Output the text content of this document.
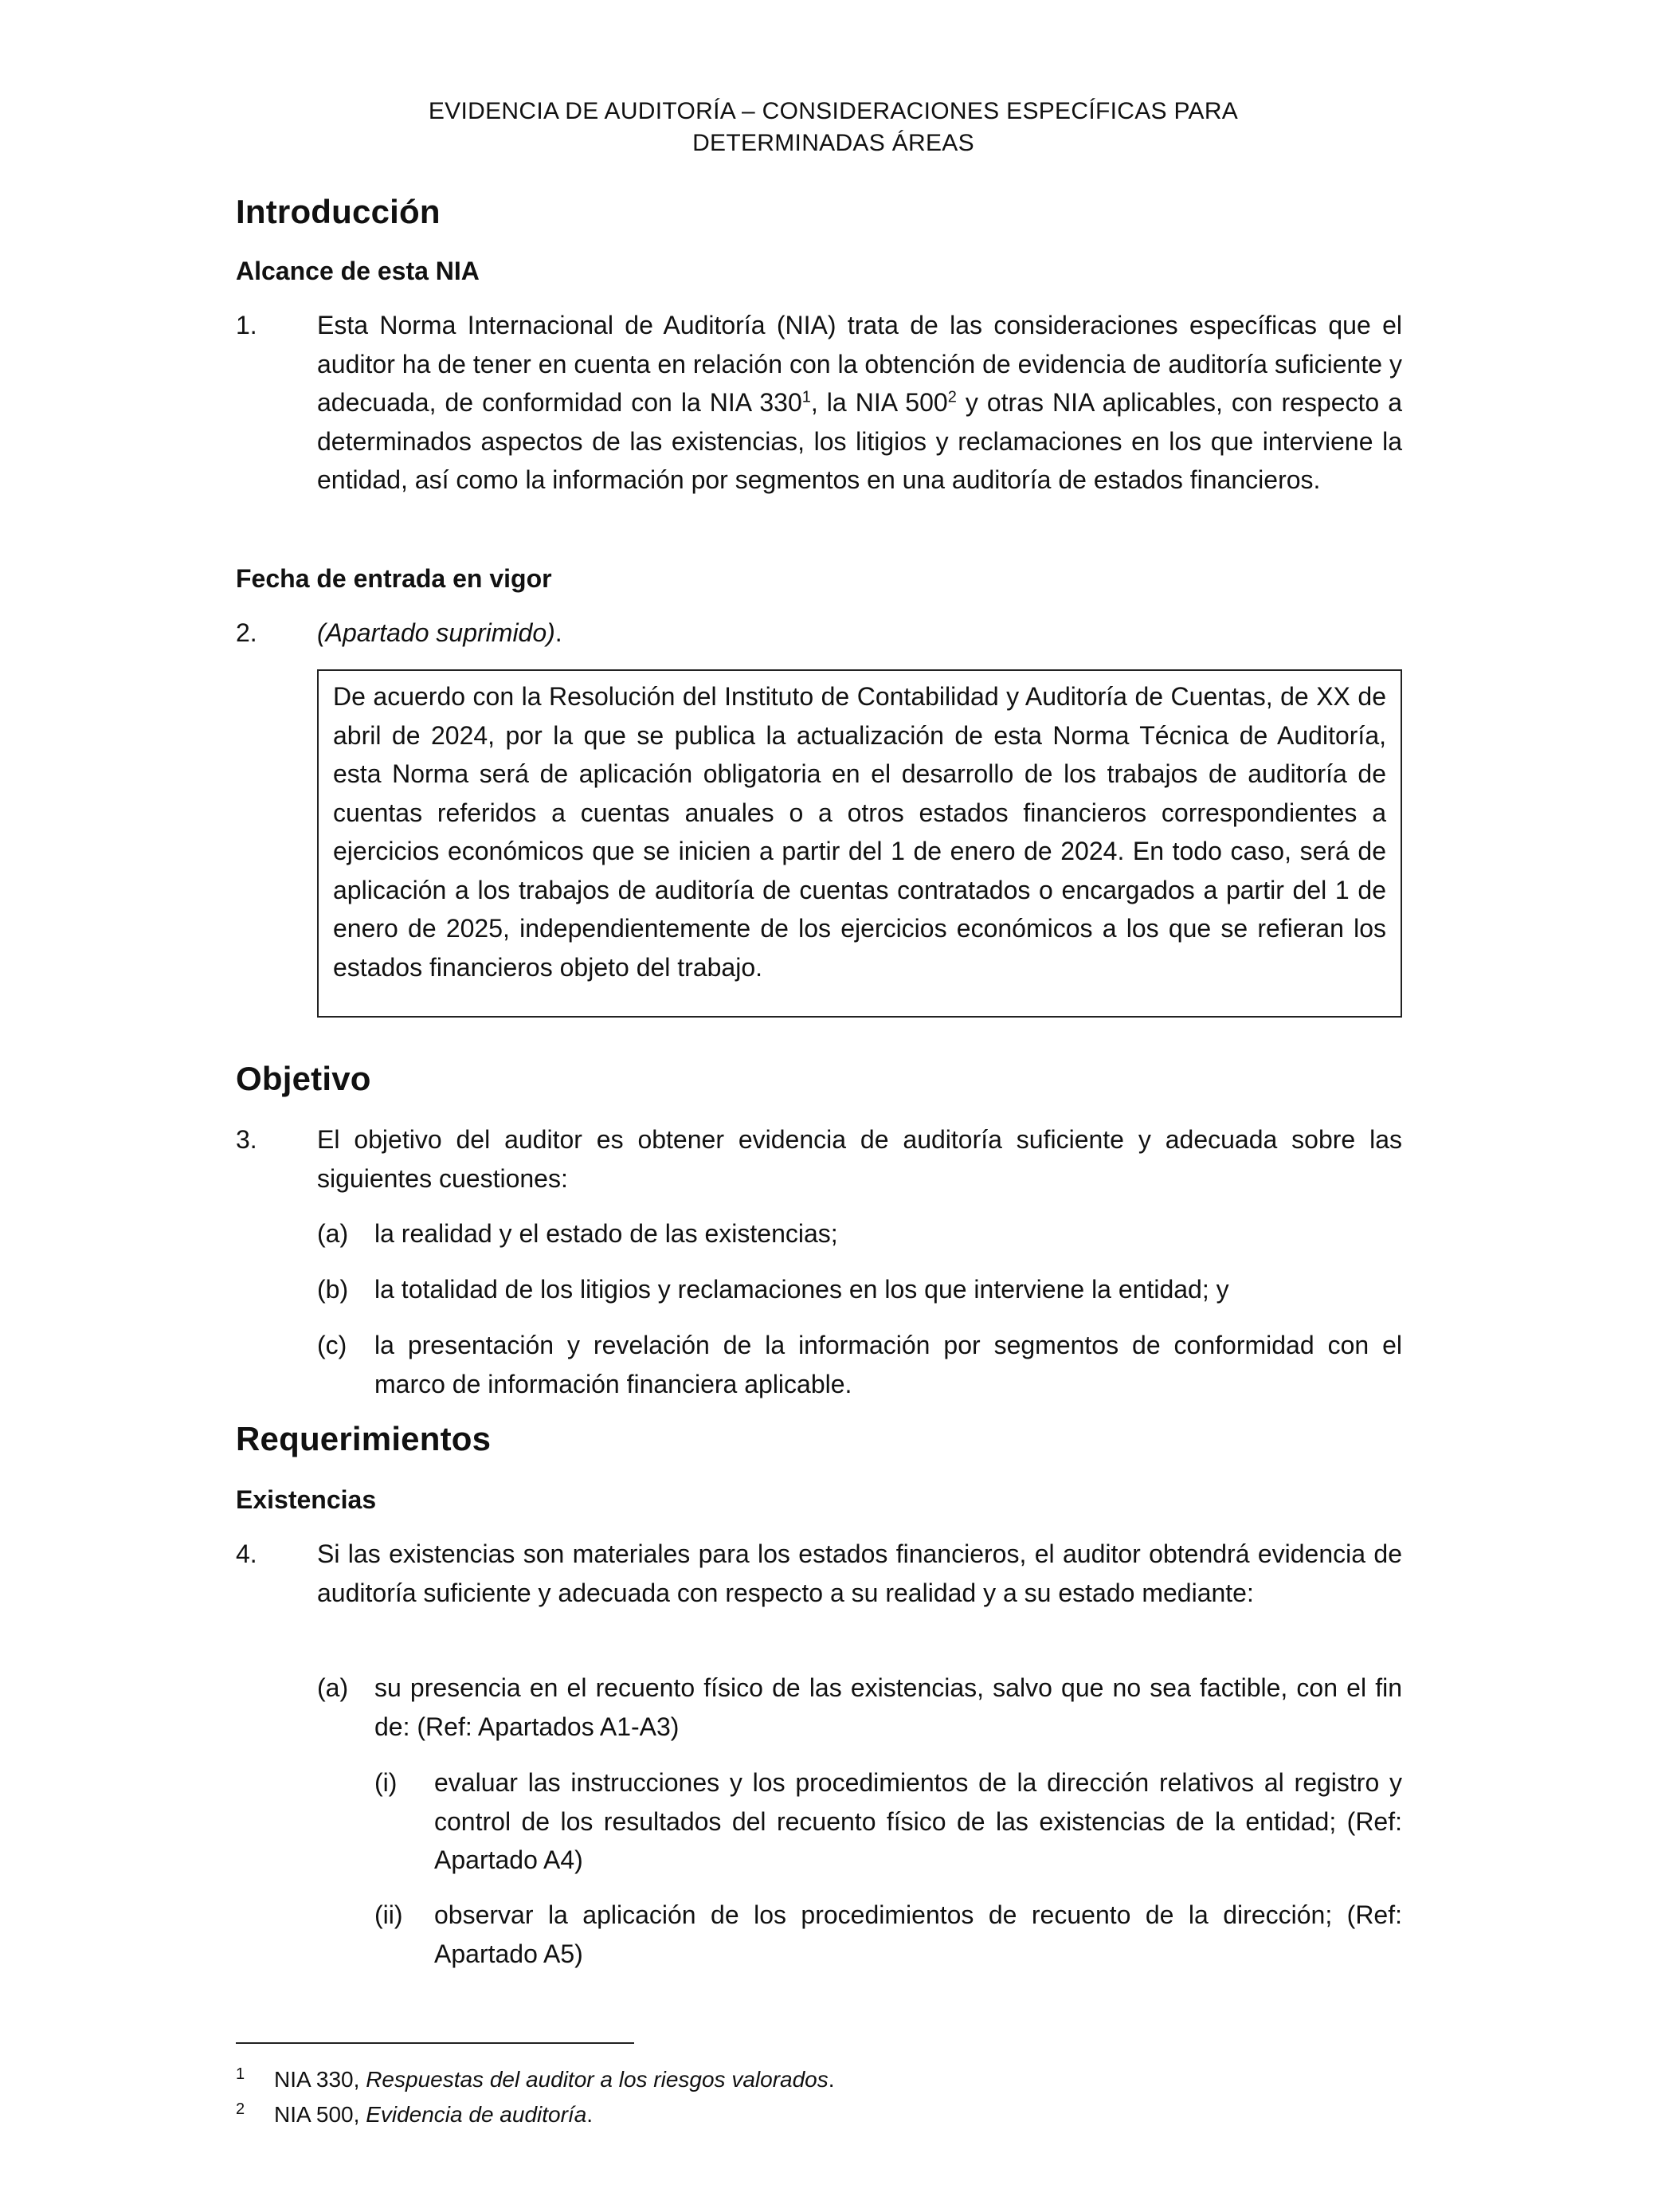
EVIDENCIA DE AUDITORÍA – CONSIDERACIONES ESPECÍFICAS PARA
DETERMINADAS ÁREAS
Introducción
Alcance de esta NIA
1. Esta Norma Internacional de Auditoría (NIA) trata de las consideraciones específicas que el auditor ha de tener en cuenta en relación con la obtención de evidencia de auditoría suficiente y adecuada, de conformidad con la NIA $330^1$, la NIA $500^2$ y otras NIA aplicables, con respecto a determinados aspectos de las existencias, los litigios y reclamaciones en los que interviene la entidad, así como la información por segmentos en una auditoría de estados financieros.

Fecha de entrada en vigor
2. (Apartado suprimido).

De acuerdo con la Resolución del Instituto de Contabilidad y Auditoría de Cuentas, de XX de abril de 2024, por la que se publica la actualización de esta Norma Técnica de Auditoría, esta Norma será de aplicación obligatoria en el desarrollo de los trabajos de auditoría de cuentas referidos a cuentas anuales o a otros estados financieros correspondientes a ejercicios económicos que se inicien a partir del 1 de enero de 2024. En todo caso, será de aplicación a los trabajos de auditoría de cuentas contratados o encargados a partir del 1 de enero de 2025, independientemente de los ejercicios económicos a los que se refieran los estados financieros objeto del trabajo.

Objetivo
3. El objetivo del auditor es obtener evidencia de auditoría suficiente y adecuada sobre las siguientes cuestiones:

(a) la realidad y el estado de las existencias;
(b) la totalidad de los litigios y reclamaciones en los que interviene la entidad; y
(c) la presentación y revelación de la información por segmentos de conformidad con el marco de información financiera aplicable.

Requerimientos
Existencias
4. Si las existencias son materiales para los estados financieros, el auditor obtendrá evidencia de auditoría suficiente y adecuada con respecto a su realidad y a su estado mediante:

(a) su presencia en el recuento físico de las existencias, salvo que no sea factible, con el fin de: (Ref: Apartados A1-A3)

(i) evaluar las instrucciones y los procedimientos de la dirección relativos al registro y control de los resultados del recuento físico de las existencias de la entidad; (Ref: Apartado A4)

(ii) observar la aplicación de los procedimientos de recuento de la dirección; (Ref: Apartado A5)

1 NIA 330, Respuestas del auditor a los riesgos valorados.
2 NIA 500, Evidencia de auditoría.
